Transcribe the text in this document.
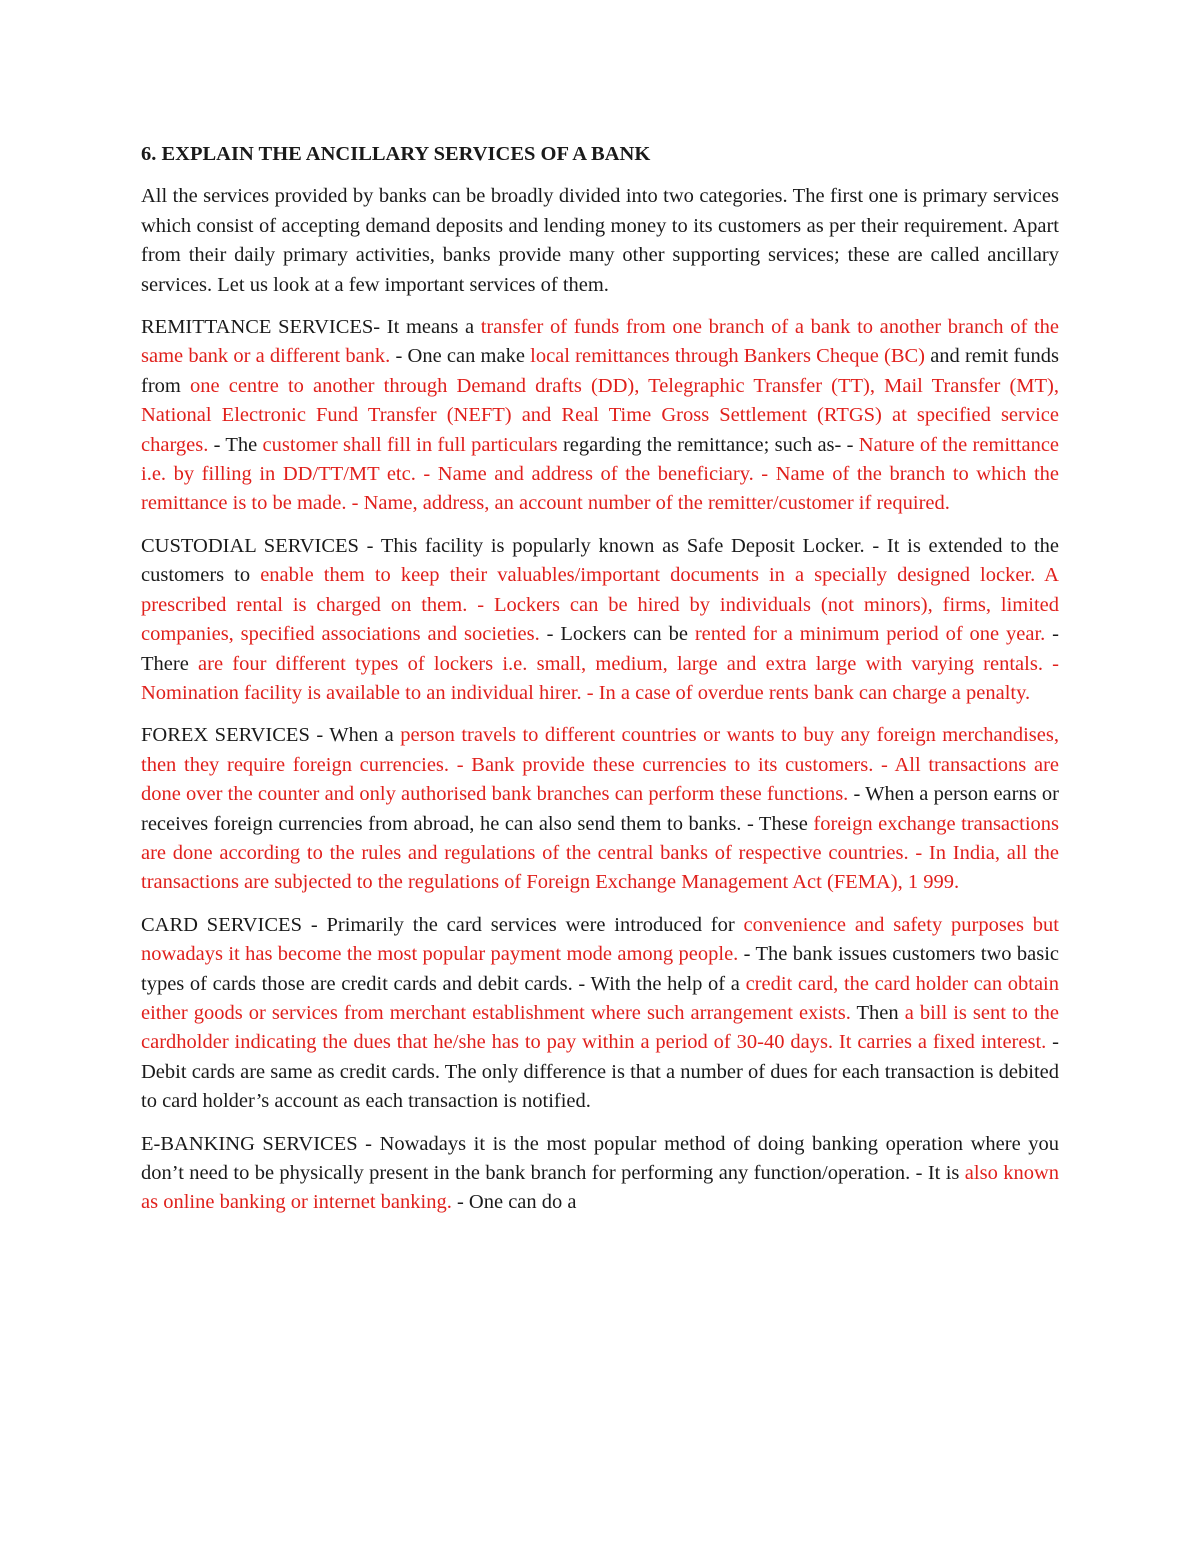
6. EXPLAIN THE ANCILLARY SERVICES OF A BANK

All the services provided by banks can be broadly divided into two categories. The first one is primary services which consist of accepting demand deposits and lending money to its customers as per their requirement. Apart from their daily primary activities, banks provide many other supporting services; these are called ancillary services. Let us look at a few important services of them.

REMITTANCE SERVICES- It means a transfer of funds from one branch of a bank to another branch of the same bank or a different bank. - One can make local remittances through Bankers Cheque (BC) and remit funds from one centre to another through Demand drafts (DD), Telegraphic Transfer (TT), Mail Transfer (MT), National Electronic Fund Transfer (NEFT) and Real Time Gross Settlement (RTGS) at specified service charges. - The customer shall fill in full particulars regarding the remittance; such as- - Nature of the remittance i.e. by filling in DD/TT/MT etc. - Name and address of the beneficiary. - Name of the branch to which the remittance is to be made. - Name, address, an account number of the remitter/customer if required.

CUSTODIAL SERVICES - This facility is popularly known as Safe Deposit Locker. - It is extended to the customers to enable them to keep their valuables/important documents in a specially designed locker. A prescribed rental is charged on them. - Lockers can be hired by individuals (not minors), firms, limited companies, specified associations and societies. - Lockers can be rented for a minimum period of one year. - There are four different types of lockers i.e. small, medium, large and extra large with varying rentals. - Nomination facility is available to an individual hirer. - In a case of overdue rents bank can charge a penalty.

FOREX SERVICES - When a person travels to different countries or wants to buy any foreign merchandises, then they require foreign currencies. - Bank provide these currencies to its customers. - All transactions are done over the counter and only authorised bank branches can perform these functions. - When a person earns or receives foreign currencies from abroad, he can also send them to banks. - These foreign exchange transactions are done according to the rules and regulations of the central banks of respective countries. - In India, all the transactions are subjected to the regulations of Foreign Exchange Management Act (FEMA), 1 999.

CARD SERVICES - Primarily the card services were introduced for convenience and safety purposes but nowadays it has become the most popular payment mode among people. - The bank issues customers two basic types of cards those are credit cards and debit cards. - With the help of a credit card, the card holder can obtain either goods or services from merchant establishment where such arrangement exists. Then a bill is sent to the cardholder indicating the dues that he/she has to pay within a period of 30-40 days. It carries a fixed interest. - Debit cards are same as credit cards. The only difference is that a number of dues for each transaction is debited to card holder’s account as each transaction is notified.

E-BANKING SERVICES - Nowadays it is the most popular method of doing banking operation where you don’t need to be physically present in the bank branch for performing any function/operation. - It is also known as online banking or internet banking. - One can do a
